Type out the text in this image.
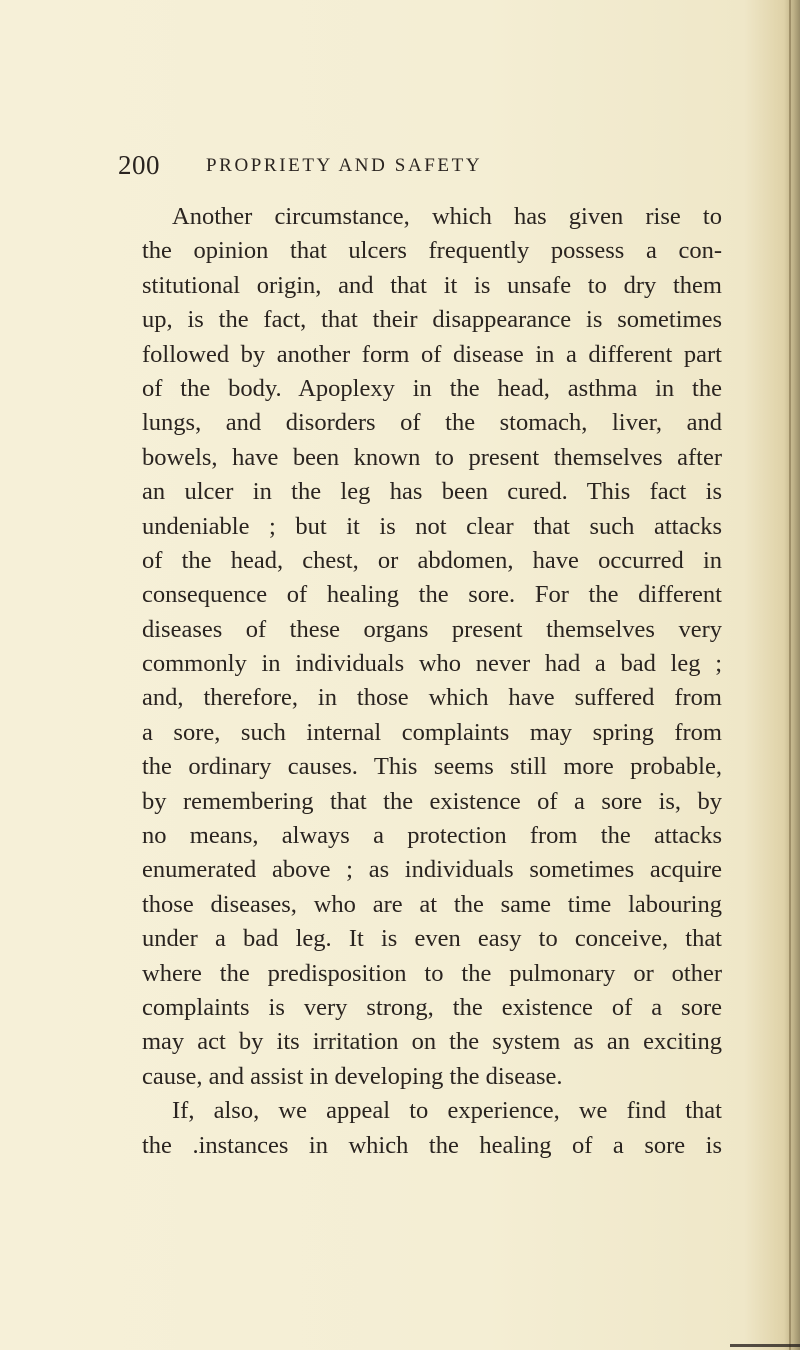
200 PROPRIETY AND SAFETY
Another circumstance, which has given rise to
the opinion that ulcers frequently possess a con-
stitutional origin, and that it is unsafe to dry them
up, is the fact, that their disappearance is sometimes
followed by another form of disease in a different part
of the body. Apoplexy in the head, asthma in the
lungs, and disorders of the stomach, liver, and
bowels, have been known to present themselves after
an ulcer in the leg has been cured. This fact is
undeniable ; but it is not clear that such attacks
of the head, chest, or abdomen, have occurred in
consequence of healing the sore. For the different
diseases of these organs present themselves very
commonly in individuals who never had a bad leg ;
and, therefore, in those which have suffered from
a sore, such internal complaints may spring from
the ordinary causes. This seems still more probable,
by remembering that the existence of a sore is, by
no means, always a protection from the attacks
enumerated above ; as individuals sometimes acquire
those diseases, who are at the same time labouring
under a bad leg. It is even easy to conceive, that
where the predisposition to the pulmonary or other
complaints is very strong, the existence of a sore
may act by its irritation on the system as an exciting
cause, and assist in developing the disease.
If, also, we appeal to experience, we find that
the .instances in which the healing of a sore is
